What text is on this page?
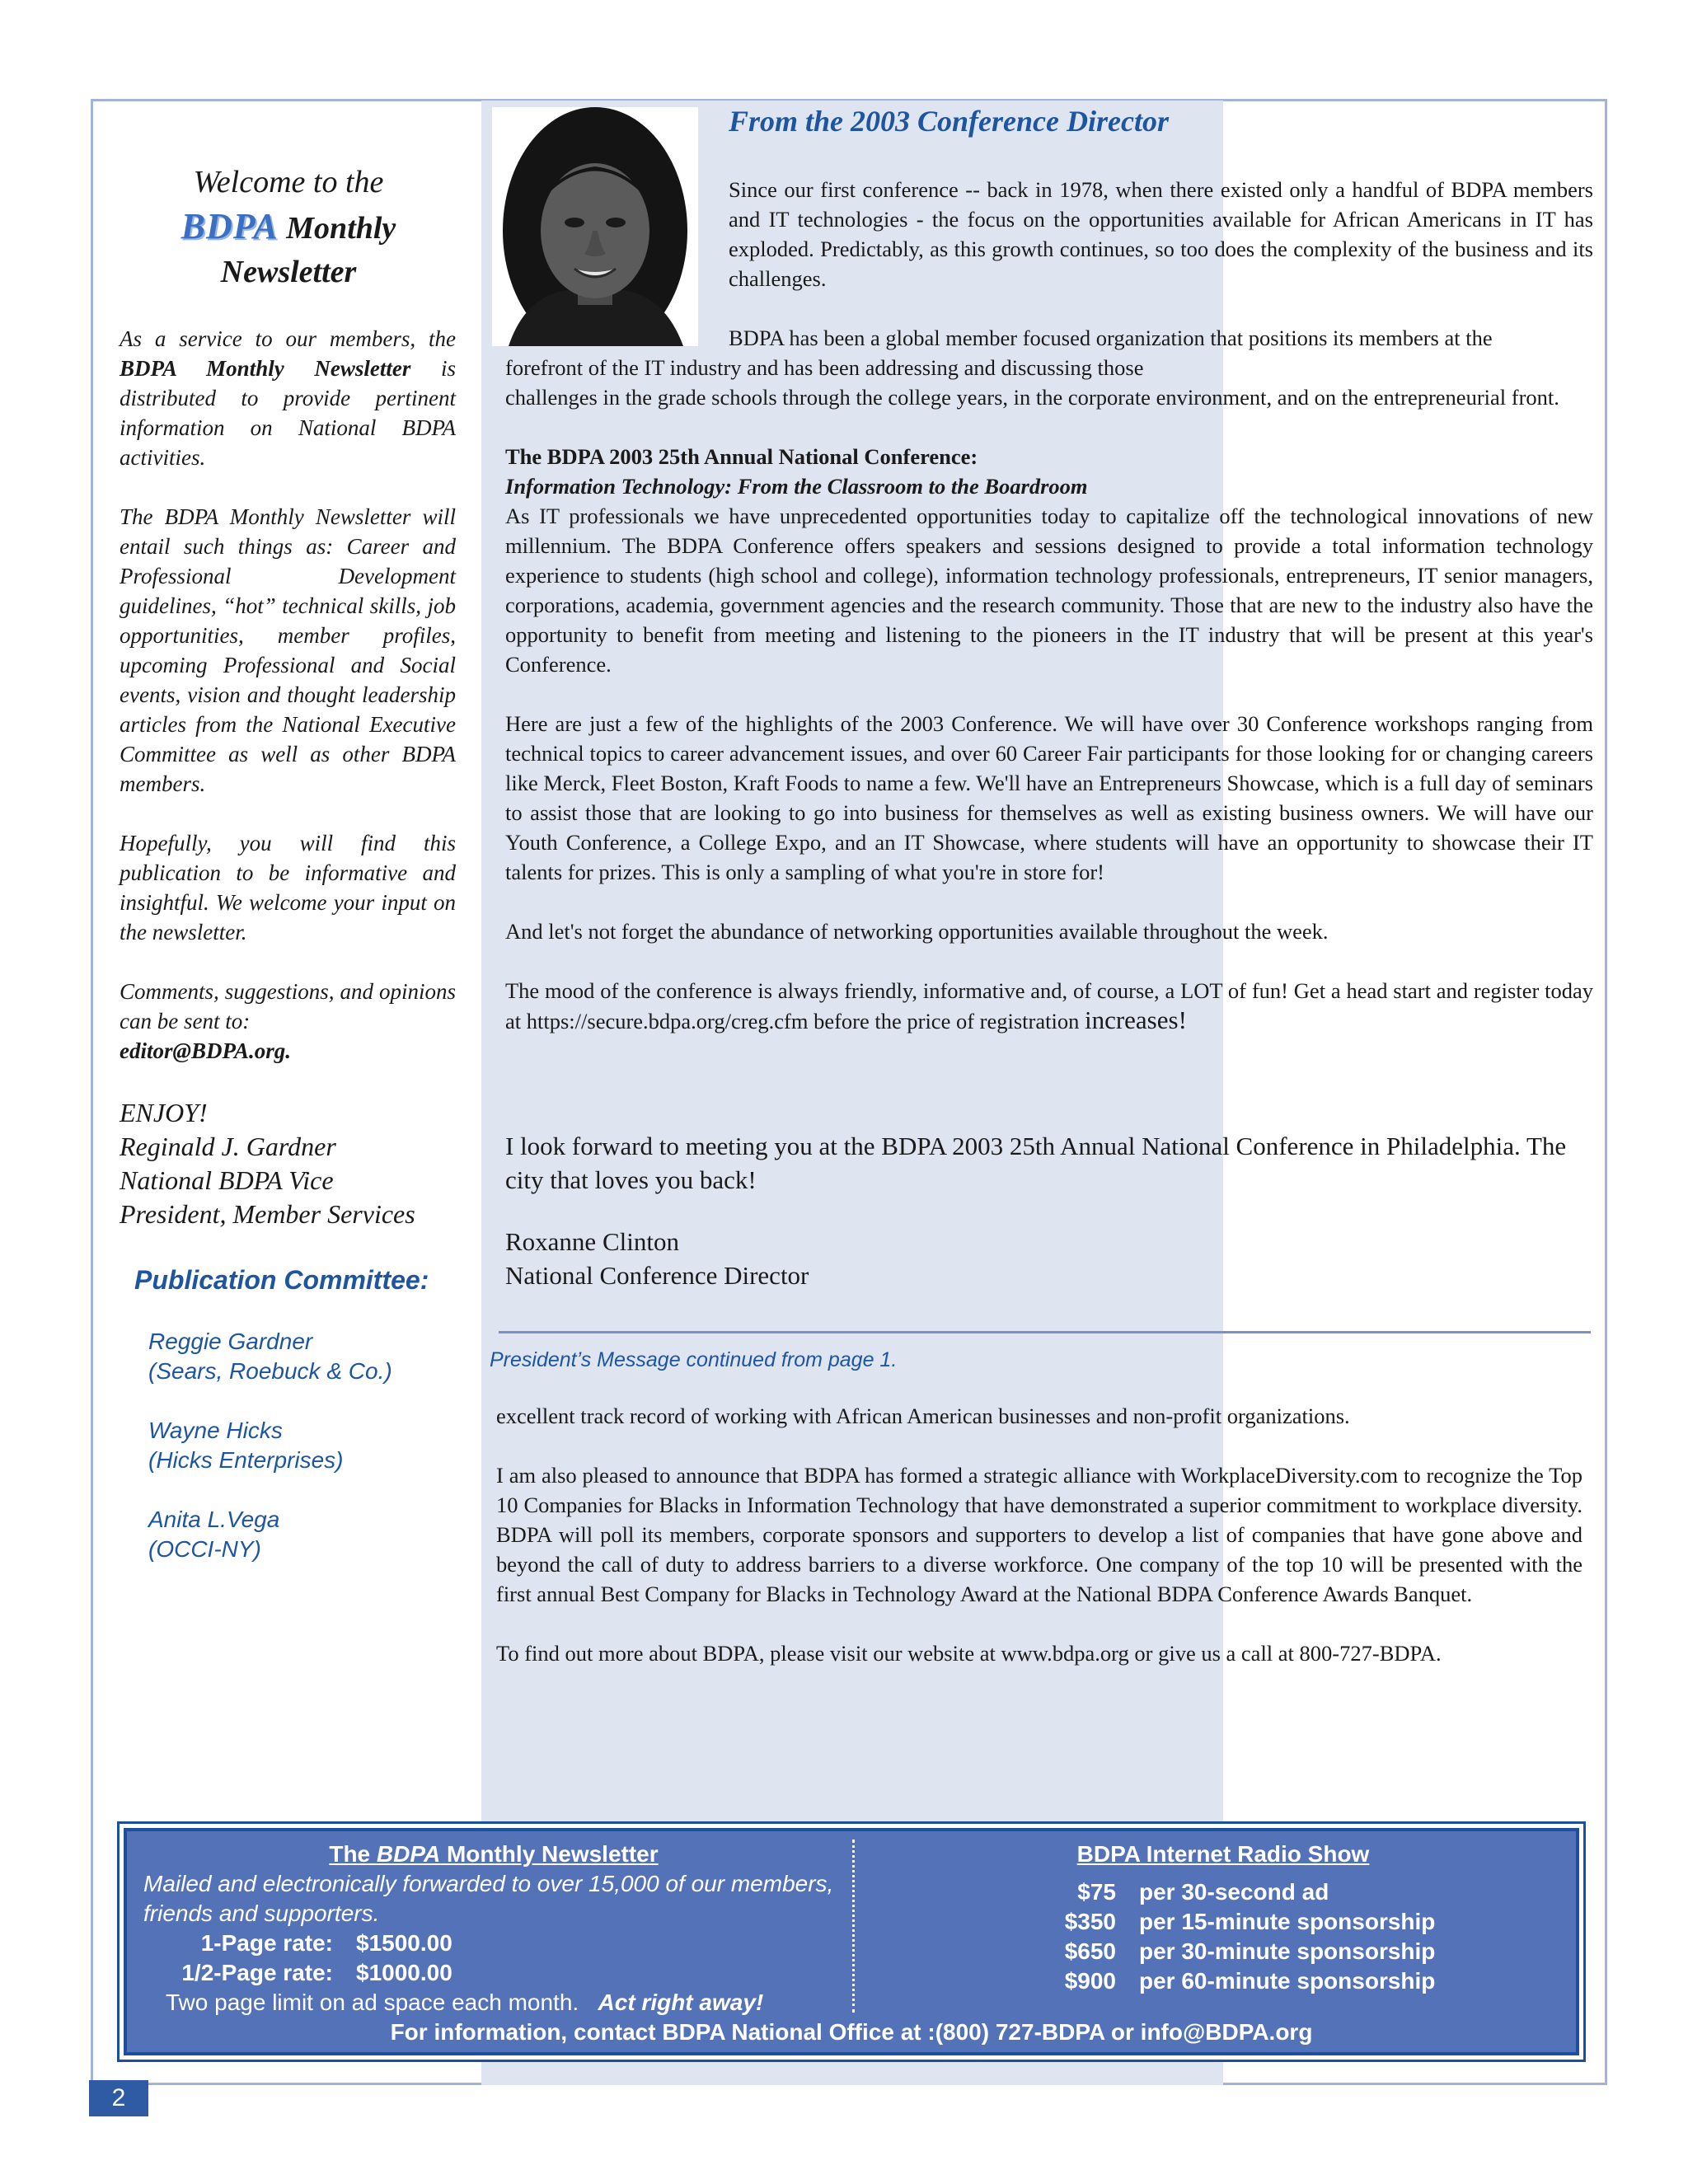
Welcome to the
BDPA Monthly
Newsletter

As a service to our members, the BDPA Monthly Newsletter is distributed to provide pertinent information on National BDPA activities.

The BDPA Monthly Newsletter will entail such things as: Career and Professional Development guidelines, “hot” technical skills, job opportunities, member profiles, upcoming Professional and Social events, vision and thought leadership articles from the National Executive Committee as well as other BDPA members.

Hopefully, you will find this publication to be informative and insightful. We welcome your input on the newsletter.

Comments, suggestions, and opinions can be sent to:

editor@BDPA.org.

ENJOY!
Reginald J. Gardner
National BDPA Vice
President, Member Services
Publication Committee:
Reggie Gardner
(Sears, Roebuck & Co.)
Wayne Hicks
(Hicks Enterprises)
Anita L.Vega
(OCCI-NY)
From the 2003 Conference Director

Since our first conference -- back in 1978, when there existed only a handful of BDPA members and IT technologies - the focus on the opportunities available for African Americans in IT has exploded. Predictably, as this growth continues, so too does the complexity of the business and its challenges.

BDPA has been a global member focused organization that positions its members at the

forefront of the IT industry and has been addressing and discussing those

challenges in the grade schools through the college years, in the corporate environment, and on the entrepreneurial front.

The BDPA 2003 25th Annual National Conference:

Information Technology: From the Classroom to the Boardroom

As IT professionals we have unprecedented opportunities today to capitalize off the technological innovations of new millennium. The BDPA Conference offers speakers and sessions designed to provide a total information technology experience to students (high school and college), information technology professionals, entrepreneurs, IT senior managers, corporations, academia, government agencies and the research community. Those that are new to the industry also have the opportunity to benefit from meeting and listening to the pioneers in the IT industry that will be present at this year's Conference.

Here are just a few of the highlights of the 2003 Conference. We will have over 30 Conference workshops ranging from technical topics to career advancement issues, and over 60 Career Fair participants for those looking for or changing careers like Merck, Fleet Boston, Kraft Foods to name a few. We'll have an Entrepreneurs Showcase, which is a full day of seminars to assist those that are looking to go into business for themselves as well as existing business owners. We will have our Youth Conference, a College Expo, and an IT Showcase, where students will have an opportunity to showcase their IT talents for prizes. This is only a sampling of what you're in store for!

And let's not forget the abundance of networking opportunities available throughout the week.

The mood of the conference is always friendly, informative and, of course, a LOT of fun! Get a head start and register today at https://secure.bdpa.org/creg.cfm before the price of registration increases!

I look forward to meeting you at the BDPA 2003 25th Annual National Conference in Philadelphia. The city that loves you back!
Roxanne Clinton
National Conference Director
President’s Message continued from page 1.

excellent track record of working with African American businesses and non-profit organizations.

I am also pleased to announce that BDPA has formed a strategic alliance with WorkplaceDiversity.com to recognize the Top 10 Companies for Blacks in Information Technology that have demonstrated a superior commitment to workplace diversity. BDPA will poll its members, corporate sponsors and supporters to develop a list of companies that have gone above and beyond the call of duty to address barriers to a diverse workforce. One company of the top 10 will be presented with the first annual Best Company for Blacks in Technology Award at the National BDPA Conference Awards Banquet.

To find out more about BDPA, please visit our website at www.bdpa.org or give us a call at 800-727-BDPA.

The BDPA Monthly Newsletter
Mailed and electronically forwarded to over 15,000 of our members, friends and supporters.
1-Page rate: $1500.00
1/2-Page rate: $1000.00
Two page limit on ad space each month. Act right away!
BDPA Internet Radio Show
$75 per 30-second ad
$350 per 15-minute sponsorship
$650 per 30-minute sponsorship
$900 per 60-minute sponsorship
For information, contact BDPA National Office at :(800) 727-BDPA or info@BDPA.org
2
